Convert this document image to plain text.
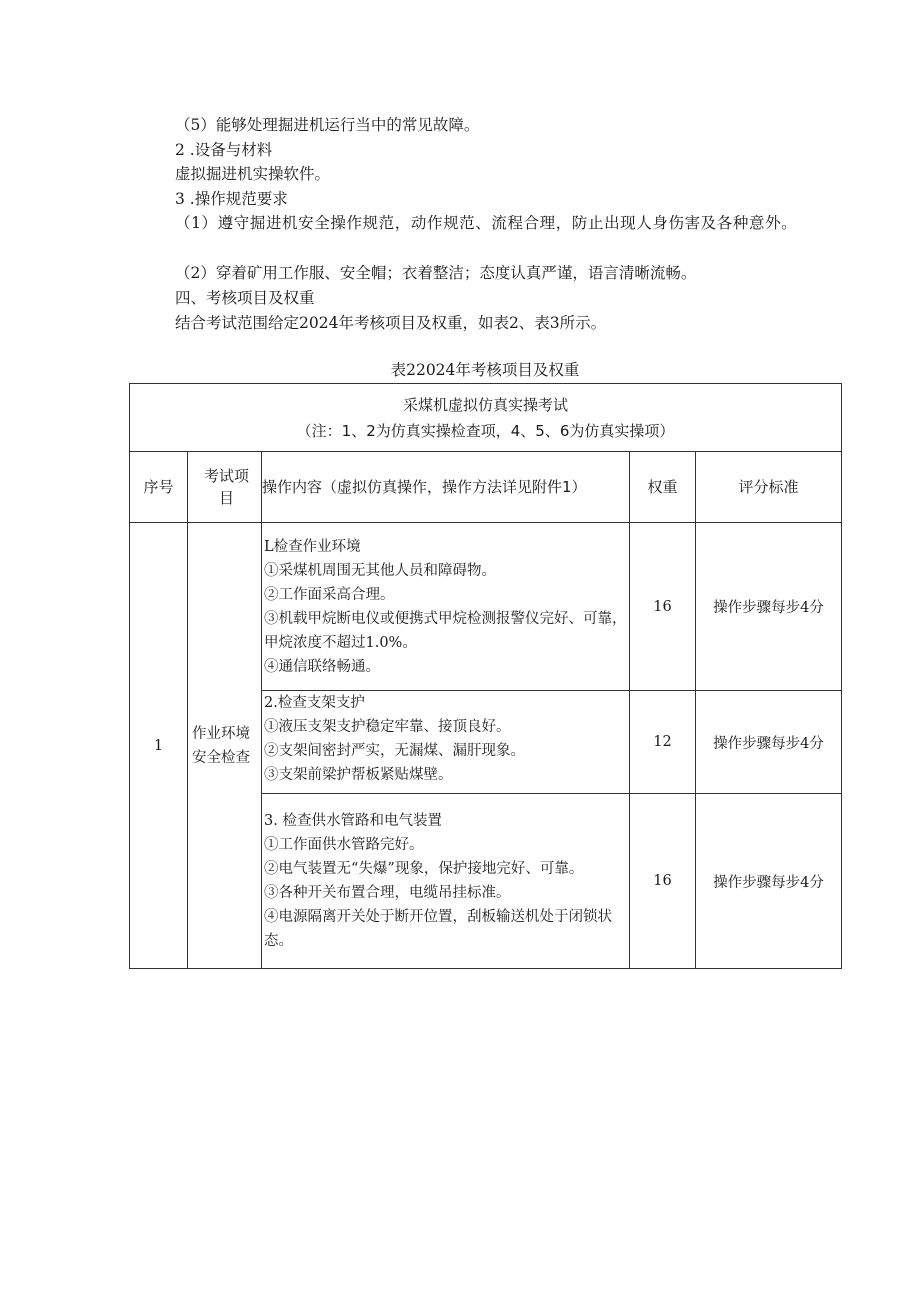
（5）能够处理掘进机运行当中的常见故障。
2 .设备与材料
虚拟掘进机实操软件。
3 .操作规范要求
（1）遵守掘进机安全操作规范，动作规范、流程合理，防止出现人身伤害及各种意外。
（2）穿着矿用工作服、安全帽；衣着整洁；态度认真严谨，语言清晰流畅。
四、考核项目及权重
结合考试范围给定2024年考核项目及权重，如表2、表3所示。
表22024年考核项目及权重
采煤机虚拟仿真实操考试
（注：1、2为仿真实操检查项，4、5、6为仿真实操项）				

序号	考试项目	操作内容（虚拟仿真操作，操作方法详见附件1）	权重	评分标准
1	作业环境安全检查	L检查作业环境
①采煤机周围无其他人员和障碍物。
②工作面采高合理。
③机载甲烷断电仪或便携式甲烷检测报警仪完好、可靠，甲烷浓度不超过1.0%。
④通信联络畅通。	16	操作步骤每步4分

		2.检查支架支护
①液压支架支护稳定牢靠、接顶良好。
②支架间密封严实，无漏煤、漏肝现象。
③支架前梁护帮板紧贴煤壁。	12	操作步骤每步4分

		3. 检查供水管路和电气装置
①工作面供水管路完好。
②电气装置无“失爆”现象，保护接地完好、可靠。
③各种开关布置合理，电缆吊挂标准。
④电源隔离开关处于断开位置，刮板输送机处于闭锁状态。	16	操作步骤每步4分
